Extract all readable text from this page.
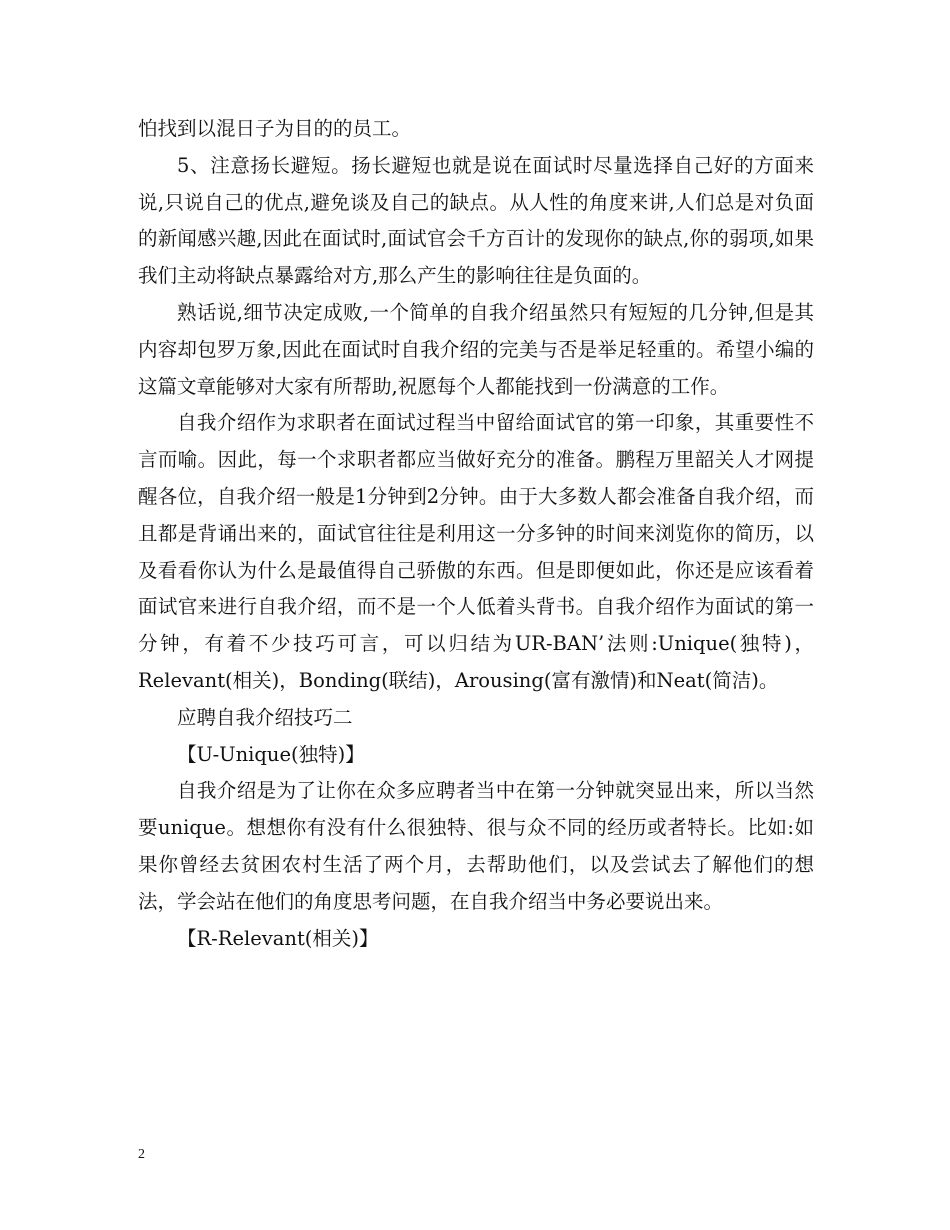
怕找到以混日子为目的的员工。

5、注意扬长避短。扬长避短也就是说在面试时尽量选择自己好的方面来说,只说自己的优点,避免谈及自己的缺点。从人性的角度来讲,人们总是对负面的新闻感兴趣,因此在面试时,面试官会千方百计的发现你的缺点,你的弱项,如果我们主动将缺点暴露给对方,那么产生的影响往往是负面的。

熟话说,细节决定成败,一个简单的自我介绍虽然只有短短的几分钟,但是其内容却包罗万象,因此在面试时自我介绍的完美与否是举足轻重的。希望小编的这篇文章能够对大家有所帮助,祝愿每个人都能找到一份满意的工作。

自我介绍作为求职者在面试过程当中留给面试官的第一印象，其重要性不言而喻。因此，每一个求职者都应当做好充分的准备。鹏程万里韶关人才网提醒各位，自我介绍一般是1分钟到2分钟。由于大多数人都会准备自我介绍，而且都是背诵出来的，面试官往往是利用这一分多钟的时间来浏览你的简历，以及看看你认为什么是最值得自己骄傲的东西。但是即便如此，你还是应该看着面试官来进行自我介绍，而不是一个人低着头背书。自我介绍作为面试的第一分钟，有着不少技巧可言，可以归结为UR-BAN’法则:Unique(独特)，Relevant(相关)，Bonding(联结)，Arousing(富有激情)和Neat(简洁)。

应聘自我介绍技巧二

【U-Unique(独特)】

自我介绍是为了让你在众多应聘者当中在第一分钟就突显出来，所以当然要unique。想想你有没有什么很独特、很与众不同的经历或者特长。比如:如果你曾经去贫困农村生活了两个月，去帮助他们，以及尝试去了解他们的想法，学会站在他们的角度思考问题，在自我介绍当中务必要说出来。

【R-Relevant(相关)】

2
